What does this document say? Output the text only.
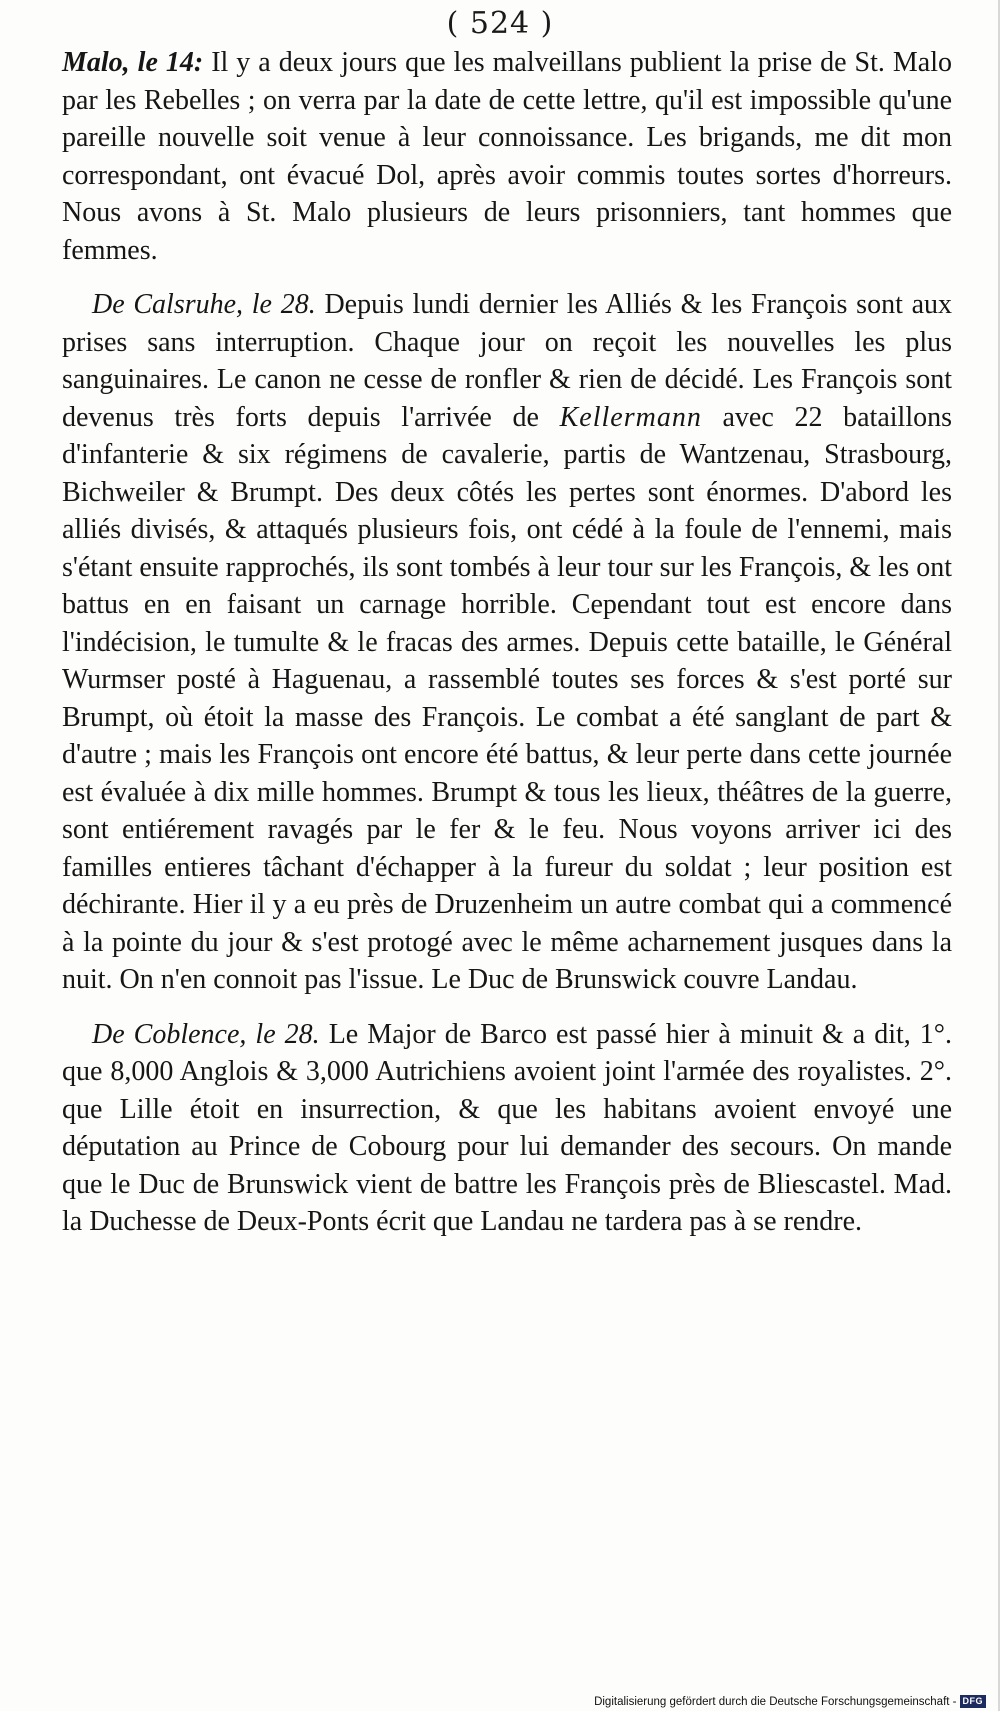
( 524 )

Malo, le 14: Il y a deux jours que les malveillans publient la prise de St. Malo par les Rebelles ; on verra par la date de cette lettre, qu'il est impossible qu'une pareille nouvelle soit venue à leur connoissance. Les brigands, me dit mon correspondant, ont évacué Dol, après avoir commis toutes sortes d'horreurs. Nous avons à St. Malo plusieurs de leurs prisonniers, tant hommes que femmes.

De Calsruhe, le 28. Depuis lundi dernier les Alliés & les François sont aux prises sans interruption. Chaque jour on reçoit les nouvelles les plus sanguinaires. Le canon ne cesse de ronfler & rien de décidé. Les François sont devenus très forts depuis l'arrivée de Kellermann avec 22 bataillons d'infanterie & six régimens de cavalerie, partis de Wantzenau, Strasbourg, Bichweiler & Brumpt. Des deux côtés les pertes sont énormes. D'abord les alliés divisés, & attaqués plusieurs fois, ont cédé à la foule de l'ennemi, mais s'étant ensuite rapprochés, ils sont tombés à leur tour sur les François, & les ont battus en en faisant un carnage horrible. Cependant tout est encore dans l'indécision, le tumulte & le fracas des armes. Depuis cette bataille, le Général Wurmser posté à Haguenau, a rassemblé toutes ses forces & s'est porté sur Brumpt, où étoit la masse des François. Le combat a été sanglant de part & d'autre ; mais les François ont encore été battus, & leur perte dans cette journée est évaluée à dix mille hommes. Brumpt & tous les lieux, théâtres de la guerre, sont entiérement ravagés par le fer & le feu. Nous voyons arriver ici des familles entieres tâchant d'échapper à la fureur du soldat ; leur position est déchirante. Hier il y a eu près de Druzenheim un autre combat qui a commencé à la pointe du jour & s'est protogé avec le même acharnement jusques dans la nuit. On n'en connoit pas l'issue. Le Duc de Brunswick couvre Landau.

De Coblence, le 28. Le Major de Barco est passé hier à minuit & a dit, 1°. que 8,000 Anglois & 3,000 Autrichiens avoient joint l'armée des royalistes. 2°. que Lille étoit en insurrection, & que les habitans avoient envoyé une députation au Prince de Cobourg pour lui demander des secours. On mande que le Duc de Brunswick vient de battre les François près de Bliescastel. Mad. la Duchesse de Deux-Ponts écrit que Landau ne tardera pas à se rendre.

Digitalisierung gefördert durch die Deutsche Forschungsgemeinschaft - DFG
